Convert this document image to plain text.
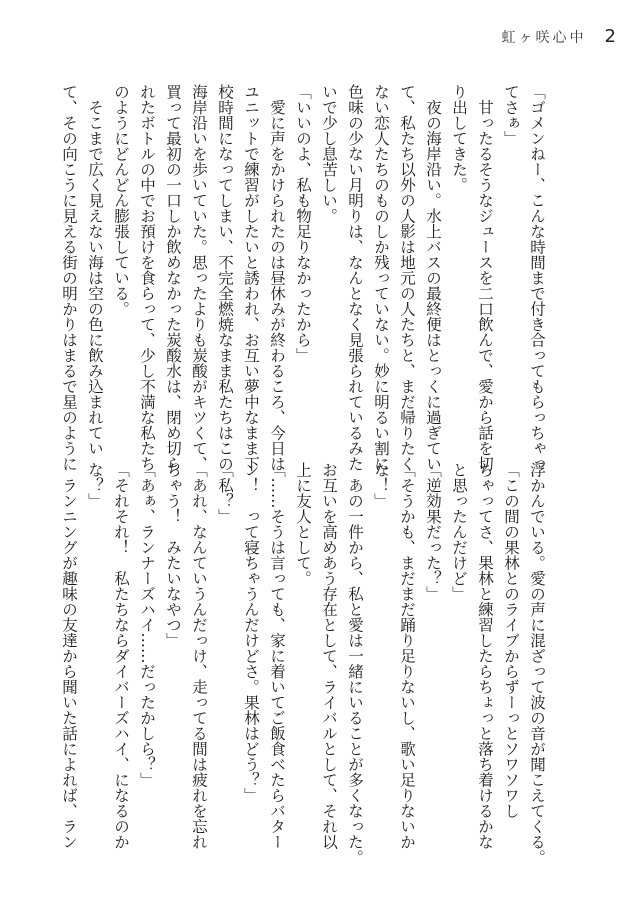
虹ヶ咲心中 2
「ゴメンねー、こんな時間まで付き合ってもらっちゃっ
てさぁ」
　甘ったるそうなジュースを二口飲んで、愛から話を切
り出してきた。
　夜の海岸沿い。水上バスの最終便はとっくに過ぎてい
て、私たち以外の人影は地元の人たちと、まだ帰りたく
ない恋人たちのものしか残っていない。妙に明るい割に
色味の少ない月明りは、なんとなく見張られているみた
いで少し息苦しい。
「いいのよ、私も物足りなかったから」
　愛に声をかけられたのは昼休みが終わるころ、今日は
ユニットで練習がしたいと誘われ、お互い夢中なまま下
校時間になってしまい、不完全燃焼なまま私たちはこの
海岸沿いを歩いていた。思ったよりも炭酸がキツくて、
買って最初の一口しか飲めなかった炭酸水は、閉め切ら
れたボトルの中でお預けを食らって、少し不満な私たち
のようにどんどん膨張している。
　そこまで広く見えない海は空の色に飲み込まれてい
て、その向こうに見える街の明かりはまるで星のように
浮かんでいる。愛の声に混ざって波の音が聞こえてくる。
「この間の果林とのライブからずーっとソワソワし
ちゃってさ、果林と練習したらちょっと落ち着けるかな
と思ったんだけど」
「逆効果だった？」
「そうかも、まだまだ踊り足りないし、歌い足りないか
な！」
　あの一件から、私と愛は一緒にいることが多くなった。
お互いを高めあう存在として、ライバルとして、それ以
上に友人として。
「……そうは言っても、家に着いてご飯食べたらバター
ン！　って寝ちゃうんだけどさ。果林はどう？」
「私？」
「あれ、なんていうんだっけ、走ってる間は疲れを忘れ
ちゃう！　みたいなやつ」
「あぁ、ランナーズハイ……だったかしら？」
「それそれ！　私たちならダイバーズハイ、になるのか
な？」
　ランニングが趣味の友達から聞いた話によれば、ラン
